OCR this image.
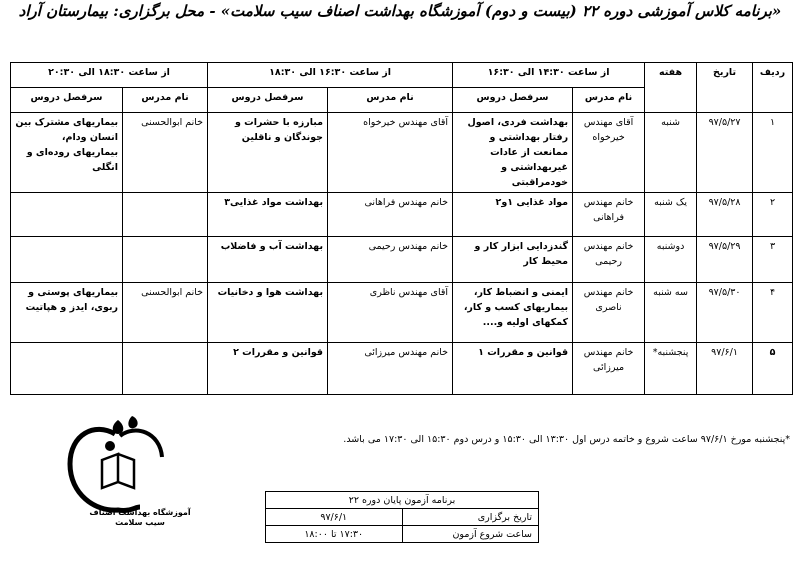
«برنامه کلاس آموزشی دوره ۲۲ (بیست و دوم) آموزشگاه بهداشت اصناف سیب سلامت» - محل برگزاری: بیمارستان آراد
ردیف	تاریخ	هفته	از ساعت ۱۴:۳۰ الی ۱۶:۳۰		از ساعت ۱۶:۳۰ الی ۱۸:۳۰		از ساعت ۱۸:۳۰ الی ۲۰:۳۰	
			نام مدرس	سرفصل دروس	نام مدرس	سرفصل دروس	نام مدرس	سرفصل دروس
۱	۹۷/۵/۲۷	شنبه	آقای مهندس خیرخواه	بهداشت فردی، اصول رفتار بهداشتی و ممانعت از عادات غیربهداشتی و خودمراقبتی	آقای مهندس خیرخواه	مبارزه با حشرات و جوندگان و ناقلین	خانم ابوالحسنی	بیماریهای مشترک بین انسان ودام، بیماریهای روده‌ای و انگلی
۲	۹۷/۵/۲۸	یک شنبه	خانم مهندس فراهانی	مواد غذایی ۱و۲	خانم مهندس فراهانی	بهداشت مواد غذایی۳		
۳	۹۷/۵/۲۹	دوشنبه	خانم مهندس رحیمی	گندزدایی ابزار کار و محیط کار	خانم مهندس رحیمی	بهداشت آب و فاضلاب		
۴	۹۷/۵/۳۰	سه شنبه	خانم مهندس ناصری	ایمنی و انضباط کار، بیماریهای کسب و کار، کمکهای اولیه و....	آقای مهندس ناظری	بهداشت هوا و دخانیات	خانم ابوالحسنی	بیماریهای پوستی و ربوی، ایدز و هپاتیت
۵	۹۷/۶/۱	پنجشنبه*	خانم مهندس میرزائی	قوانین و مقررات ۱	خانم مهندس میرزائی	قوانین و مقررات ۲		
*پنجشنبه مورخ ۹۷/۶/۱ ساعت شروع و خاتمه درس اول ۱۳:۳۰ الی ۱۵:۳۰ و درس دوم ۱۵:۳۰ الی ۱۷:۳۰ می باشد.
آموزشگاه بهداشت اصناف
سیب سلامت
برنامه آزمون پایان دوره ۲۲	
تاریخ برگزاری	۹۷/۶/۱
ساعت شروع آزمون	۱۷:۳۰ تا ۱۸:۰۰
